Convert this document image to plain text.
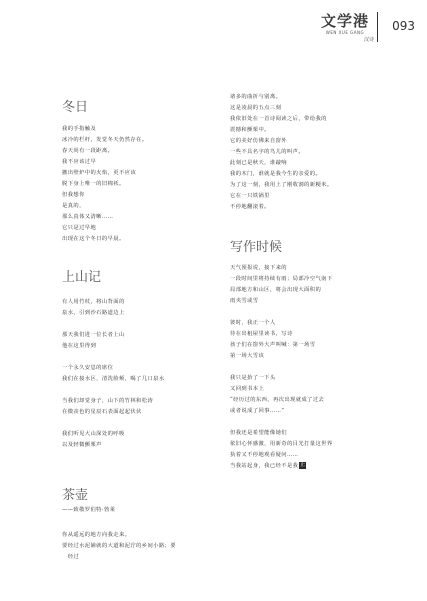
文学港
WEN XUE GANG
汉诗
093
冬日
我的手指触及
冰冷的栏杆，发觉冬天仍然存在。
春天尚有一段距离。
我不应该过早
撤出壁炉中的火焰，更不应该
脱下身上唯一的旧棉袄。
但我想你
是真的，
那么真体又清晰……
它只是过早地
出现在这个冬日的早晨。
上山记
有人用竹杖，将山背面的
泉水，引到沙石路道边上
那天我们进一位长者上山
他在这里得到
一个永久安息的席位
我们在接水区，清洗脸颊，喝了几口泉水
当我们却觉身子，山下的竹林和松涛
在微丧色的星辰石表面起起伏伏
我们听见大山深处的呼吸
以及轻微颤栗声
茶壶
——致敬罗伯特·勃莱
你从遥远的地方向我走来。
要经过水泥铺就的大道和泥泞的乡间小路；要
　经过
诸多的曲折与别离。
这是凌晨的五点三刻
我依旧处在一首诗阅读之后，带给我的
震撼和颤栗中。
它的美好仿佛来自窗外
一些不具名字的鸟儿的叫声。
此刻已是秋天，谁敲响
我的木门，谁就是我今生的亲爱的。
为了这一刻，我用上了刚收割的新粳米。
它在一只铁锅里
不停地翻滚着。
写作时候
天气预报说，接下来的
一段时间里将持续有雨；局部冷空气南下
局部地方和山区，将会出现大面积的
雨夹雪或雪
彼时，我正一个人
待在出租屋里读书，写诗
孩子们在窗外大声叫喊：第一场雪
第一场大雪该
我只是抬了一下头
又回到书本上
“经历过的东西，再次出现就成了过去
或者说成了回事……”
但我还是希望能像她们
依旧心怀感激，用新奇的目光打量这世界
执着又不停地观看疑问……
当我站起身，我已经不是我 止
